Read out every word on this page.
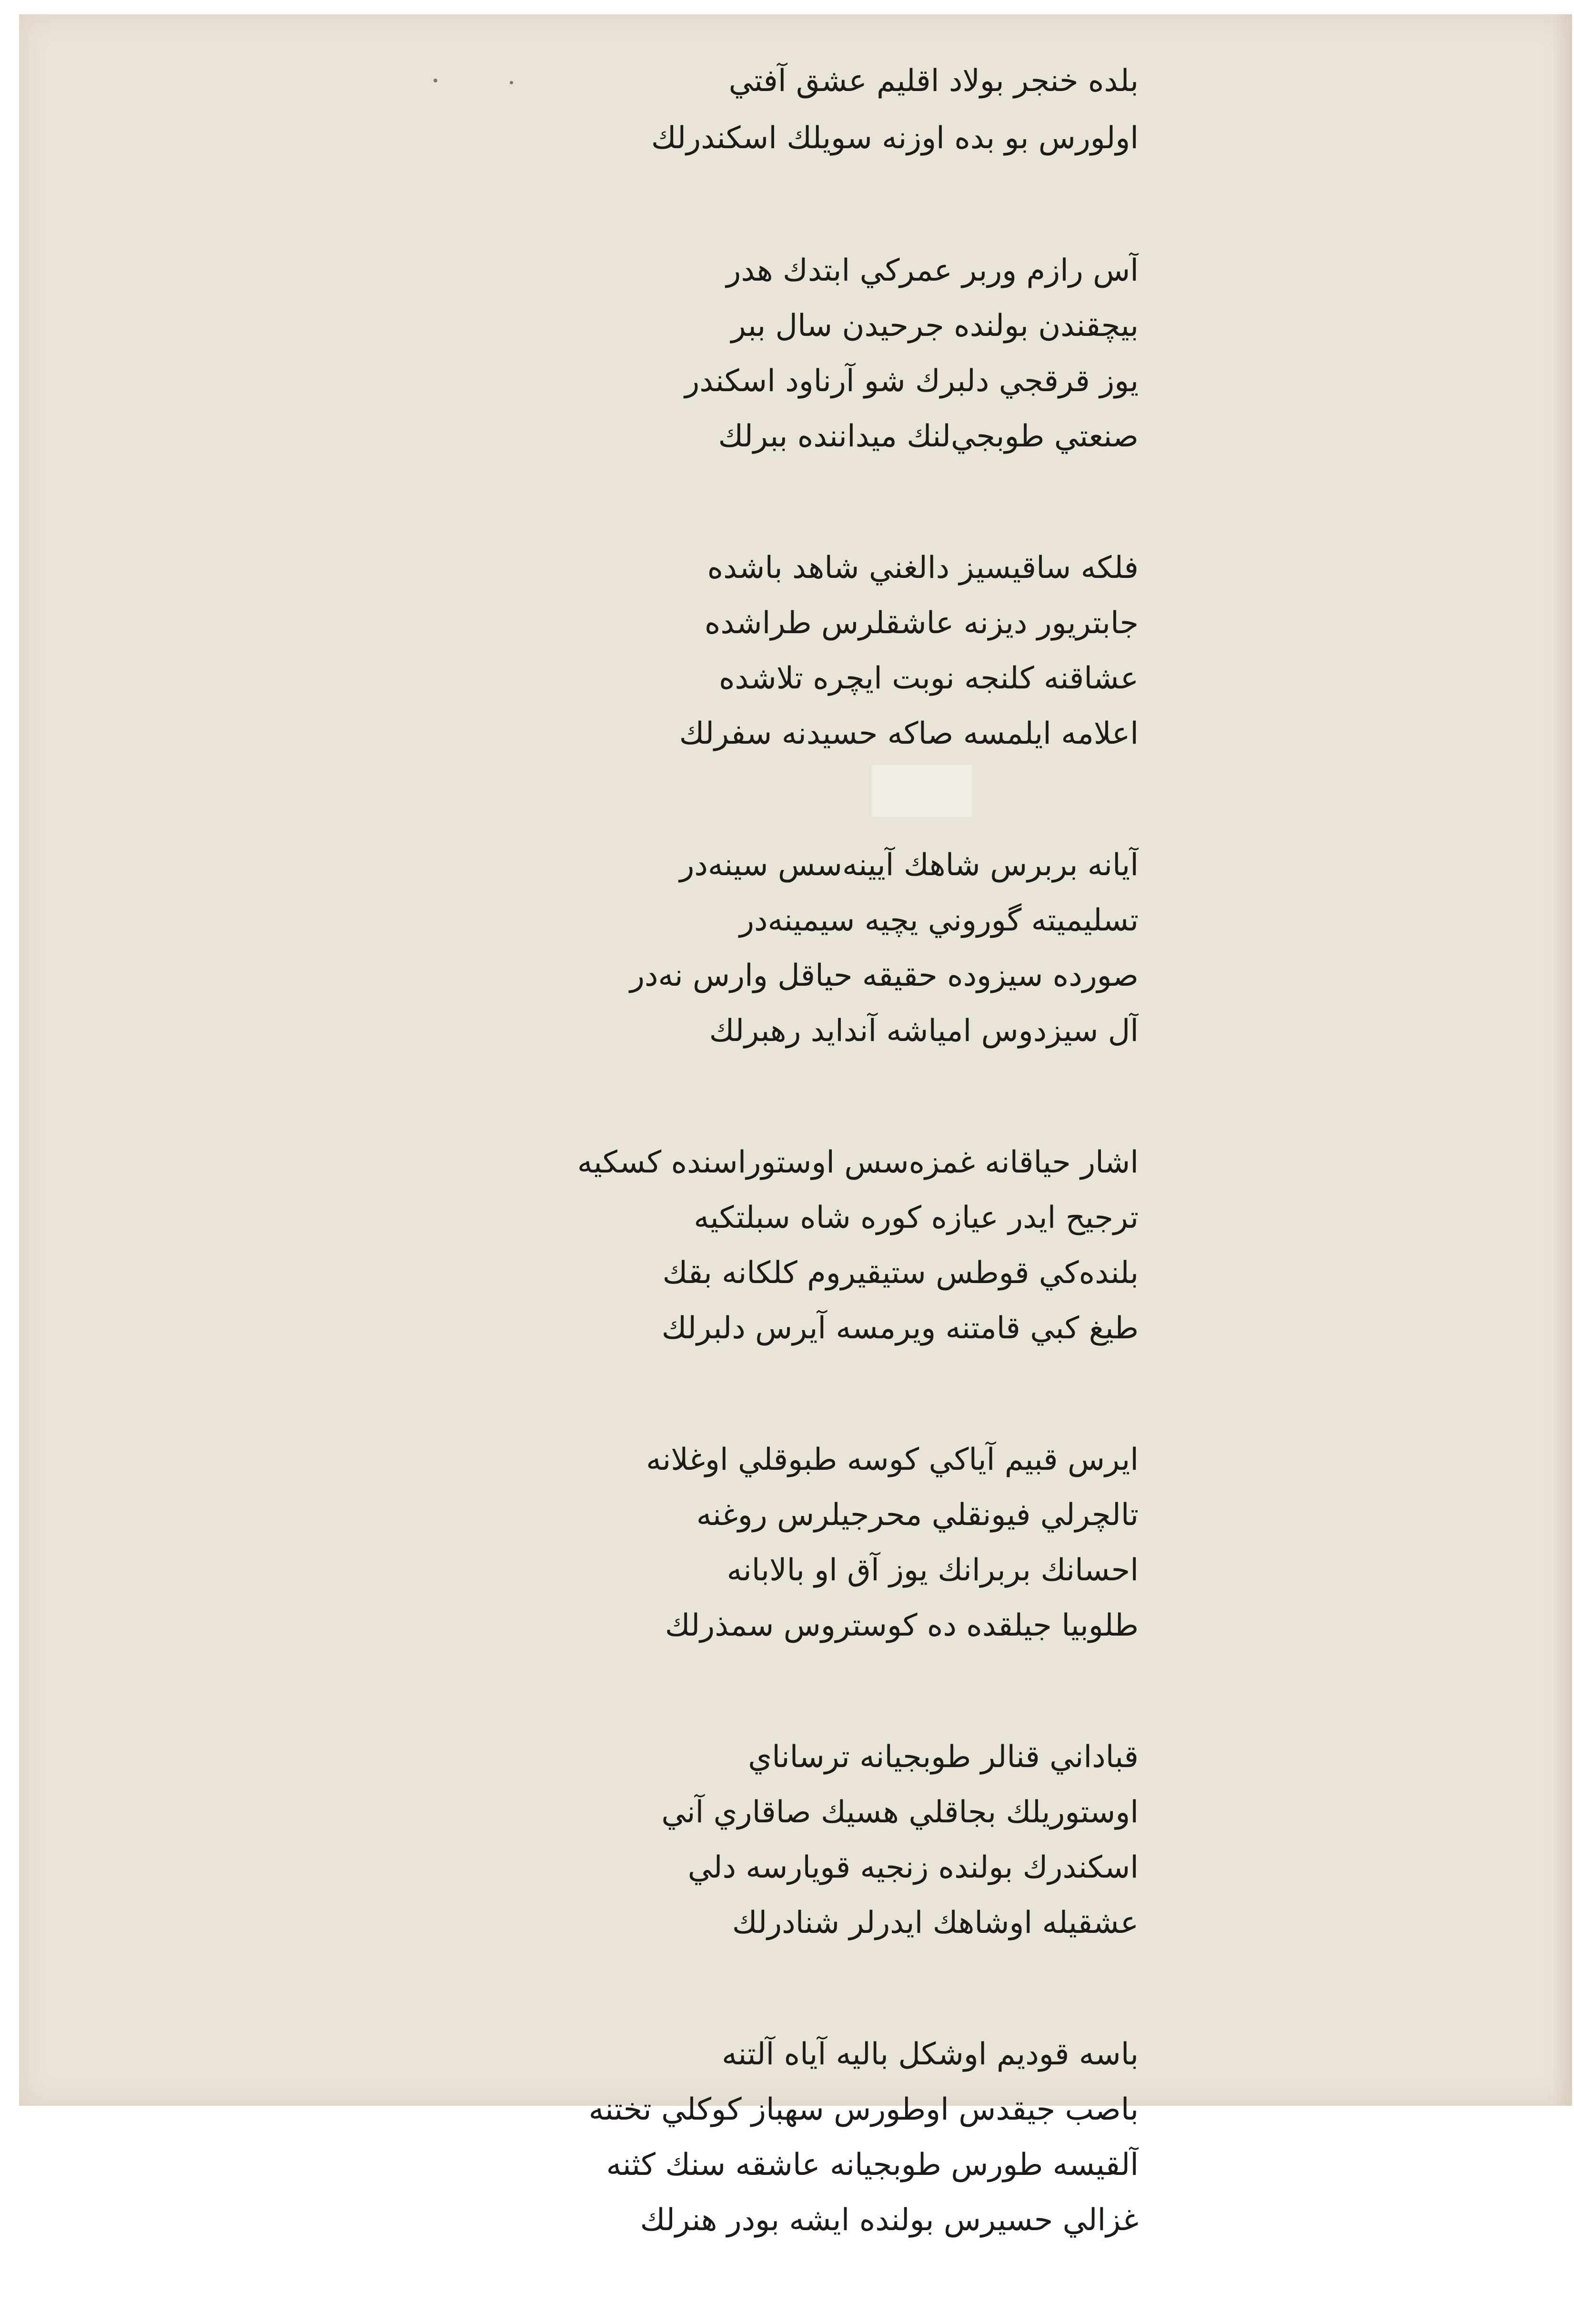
بلده خنجر بولاد اقليم عشق آفتي
اولورس بو بده اوزنه سويلك اسكندرلك
آس رازم وربر عمركي ابتدك هدر
بيچقندن بولنده جرحيدن سال ببر
يوز قرقجي دلبرك شو آرناود اسكندر
صنعتي طوبجي‌لنك ميداننده ببرلك
فلكه ساقيسيز دالغني شاهد باشده
جابتريور ديزنه عاشقلرس طراشده
عشاقنه كلنجه نوبت ايچره تلاشده
اعلامه ايلمسه صاكه حسيدنه سفرلك
آيانه بربرس شاهك آيينه‌سس سينه‌در
تسليميته گوروني يچيه سيمينه‌در
صورده سيزوده حقيقه حياقل وارس نه‌در
آل سيزدوس امياشه آندايد رهبرلك
اشار حياقانه غمزه‌سس اوستوراسنده كسكيه
ترجيح ايدر عيازه كوره شاه سبلتكيه
بلنده‌كي قوطس ستيقيروم كلكانه بقك
طيغ كبي قامتنه ويرمسه آيرس دلبرلك
ايرس قبيم آياكي كوسه طبوقلي اوغلانه
تالچرلي فيونقلي محرجيلرس روغنه
احسانك بربرانك يوز آق او بالابانه
طلوبيا جيلقده ده كوستروس سمذرلك
قباداني قنالر طوبجيانه ترساناي
اوستوريلك بجاقلي هسيك صاقاري آني
اسكندرك بولنده زنجيه قويارسه دلي
عشقيله اوشاهك ايدرلر شنادرلك
باسه قوديم اوشكل باليه آياه آلتنه
باصب جيقدس اوطورس سهباز كوكلي تختنه
آلقيسه طورس طوبجيانه عاشقه سنك كثنه
غزالي حسيرس بولنده ايشه بودر هنرلك
